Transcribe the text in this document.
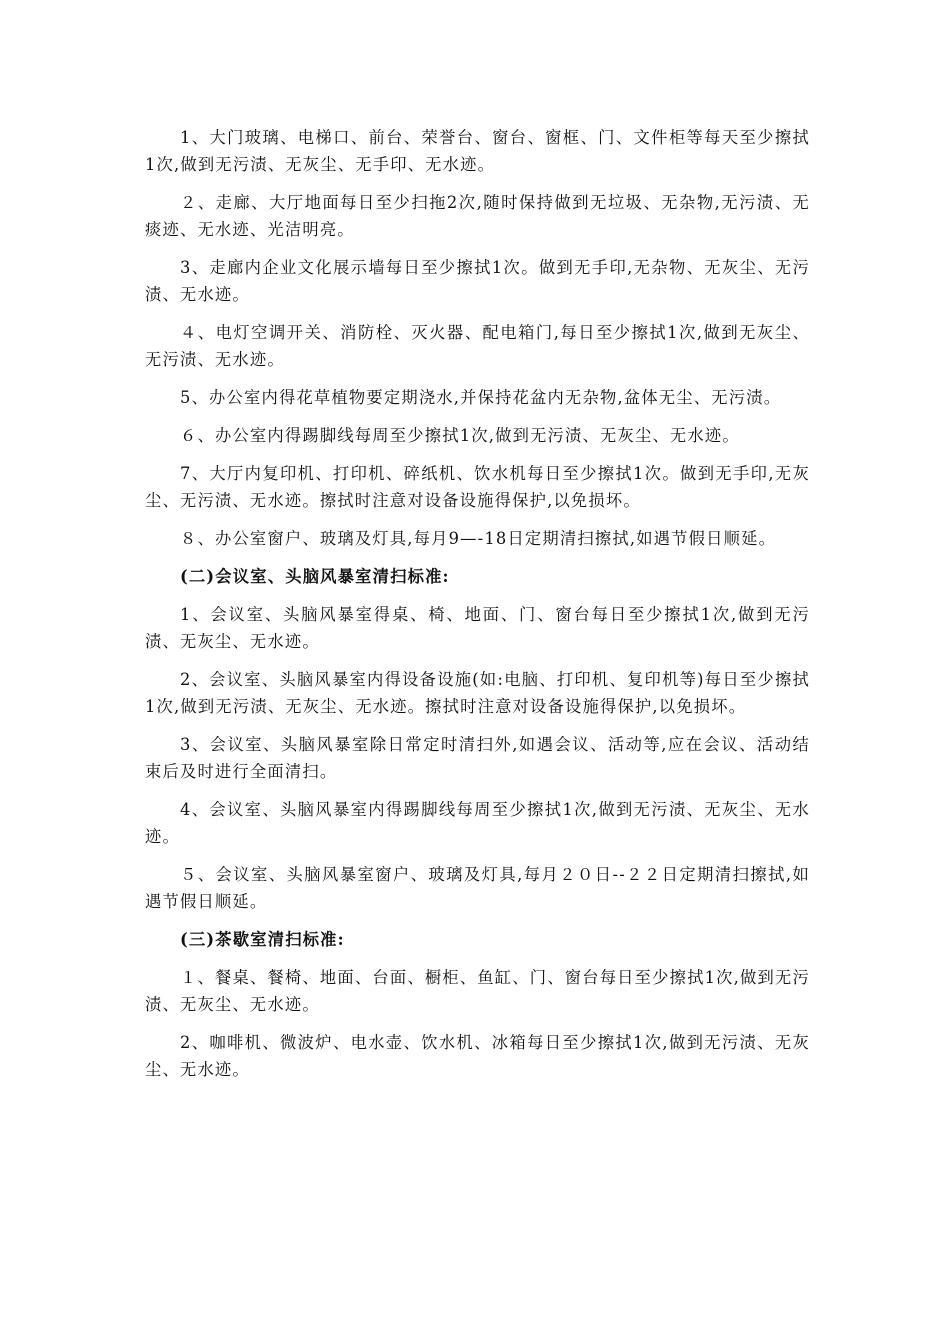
1、大门玻璃、电梯口、前台、荣誉台、窗台、窗框、门、文件柜等每天至少擦拭1次,做到无污渍、无灰尘、无手印、无水迹。

２、走廊、大厅地面每日至少扫拖2次,随时保持做到无垃圾、无杂物,无污渍、无痰迹、无水迹、光洁明亮。

3、走廊内企业文化展示墙每日至少擦拭1次。做到无手印,无杂物、无灰尘、无污渍、无水迹。

４、电灯空调开关、消防栓、灭火器、配电箱门,每日至少擦拭1次,做到无灰尘、无污渍、无水迹。

5、办公室内得花草植物要定期浇水,并保持花盆内无杂物,盆体无尘、无污渍。

６、办公室内得踢脚线每周至少擦拭1次,做到无污渍、无灰尘、无水迹。

7、大厅内复印机、打印机、碎纸机、饮水机每日至少擦拭1次。做到无手印,无灰尘、无污渍、无水迹。擦拭时注意对设备设施得保护,以免损坏。

８、办公室窗户、玻璃及灯具,每月9—-18日定期清扫擦拭,如遇节假日顺延。

(二)会议室、头脑风暴室清扫标准:

1、会议室、头脑风暴室得桌、椅、地面、门、窗台每日至少擦拭1次,做到无污渍、无灰尘、无水迹。

2、会议室、头脑风暴室内得设备设施(如:电脑、打印机、复印机等)每日至少擦拭1次,做到无污渍、无灰尘、无水迹。擦拭时注意对设备设施得保护,以免损坏。

3、会议室、头脑风暴室除日常定时清扫外,如遇会议、活动等,应在会议、活动结束后及时进行全面清扫。

4、会议室、头脑风暴室内得踢脚线每周至少擦拭1次,做到无污渍、无灰尘、无水迹。

５、会议室、头脑风暴室窗户、玻璃及灯具,每月２０日--２２日定期清扫擦拭,如遇节假日顺延。

(三)茶歇室清扫标准:

１、餐桌、餐椅、地面、台面、橱柜、鱼缸、门、窗台每日至少擦拭1次,做到无污渍、无灰尘、无水迹。

2、咖啡机、微波炉、电水壶、饮水机、冰箱每日至少擦拭1次,做到无污渍、无灰尘、无水迹。
